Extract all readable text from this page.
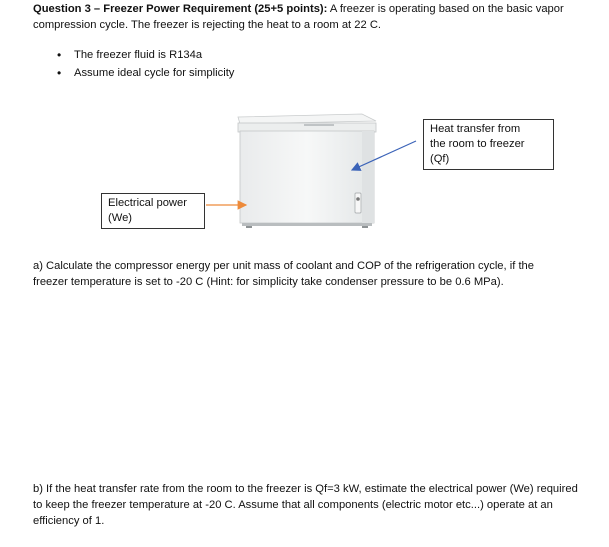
Question 3 – Freezer Power Requirement (25+5 points): A freezer is operating based on the basic vapor compression cycle. The freezer is rejecting the heat to a room at 22 C.

• The freezer fluid is R134a
• Assume ideal cycle for simplicity
Heat transfer from
the room to freezer
(Qf)
Electrical power
(We)

a) Calculate the compressor energy per unit mass of coolant and COP of the refrigeration cycle, if the freezer temperature is set to -20 C (Hint: for simplicity take condenser pressure to be 0.6 MPa).

b) If the heat transfer rate from the room to the freezer is Qf=3 kW, estimate the electrical power (We) required to keep the freezer temperature at -20 C. Assume that all components (electric motor etc...) operate at an efficiency of 1.
